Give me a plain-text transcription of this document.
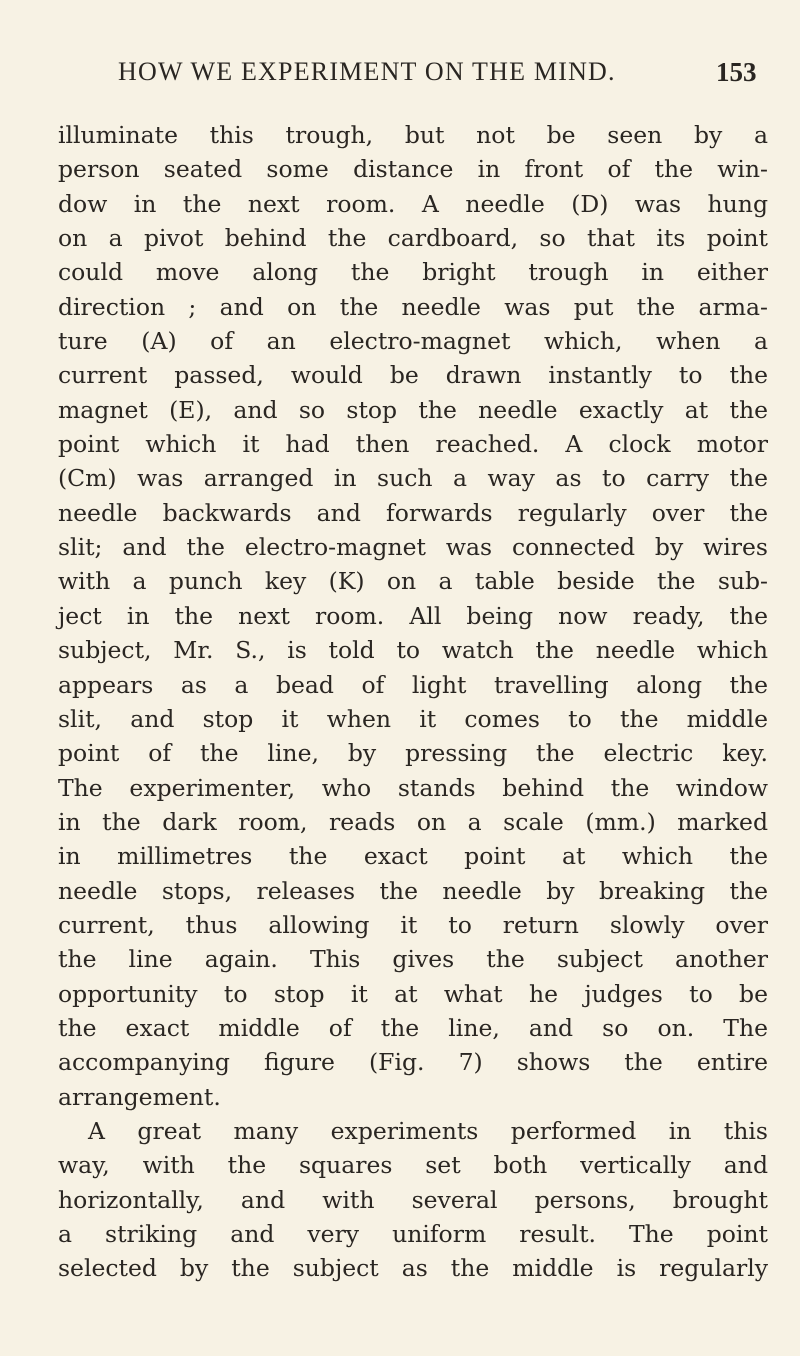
HOW WE EXPERIMENT ON THE MIND.	153
illuminate this trough, but not be seen by a
person seated some distance in front of the win-
dow in the next room. A needle (D) was hung
on a pivot behind the cardboard, so that its point
could move along the bright trough in either
direction ; and on the needle was put the arma-
ture (A) of an electro-magnet which, when a
current passed, would be drawn instantly to the
magnet (E), and so stop the needle exactly at the
point which it had then reached. A clock motor
(Cm) was arranged in such a way as to carry the
needle backwards and forwards regularly over the
slit; and the electro-magnet was connected by wires
with a punch key (K) on a table beside the sub-
ject in the next room. All being now ready, the
subject, Mr. S., is told to watch the needle which
appears as a bead of light travelling along the
slit, and stop it when it comes to the middle
point of the line, by pressing the electric key.
The experimenter, who stands behind the window
in the dark room, reads on a scale (mm.) marked
in millimetres the exact point at which the
needle stops, releases the needle by breaking the
current, thus allowing it to return slowly over
the line again. This gives the subject another
opportunity to stop it at what he judges to be
the exact middle of the line, and so on. The
accompanying figure (Fig. 7) shows the entire
arrangement.
A great many experiments performed in this
way, with the squares set both vertically and
horizontally, and with several persons, brought
a striking and very uniform result. The point
selected by the subject as the middle is regularly
